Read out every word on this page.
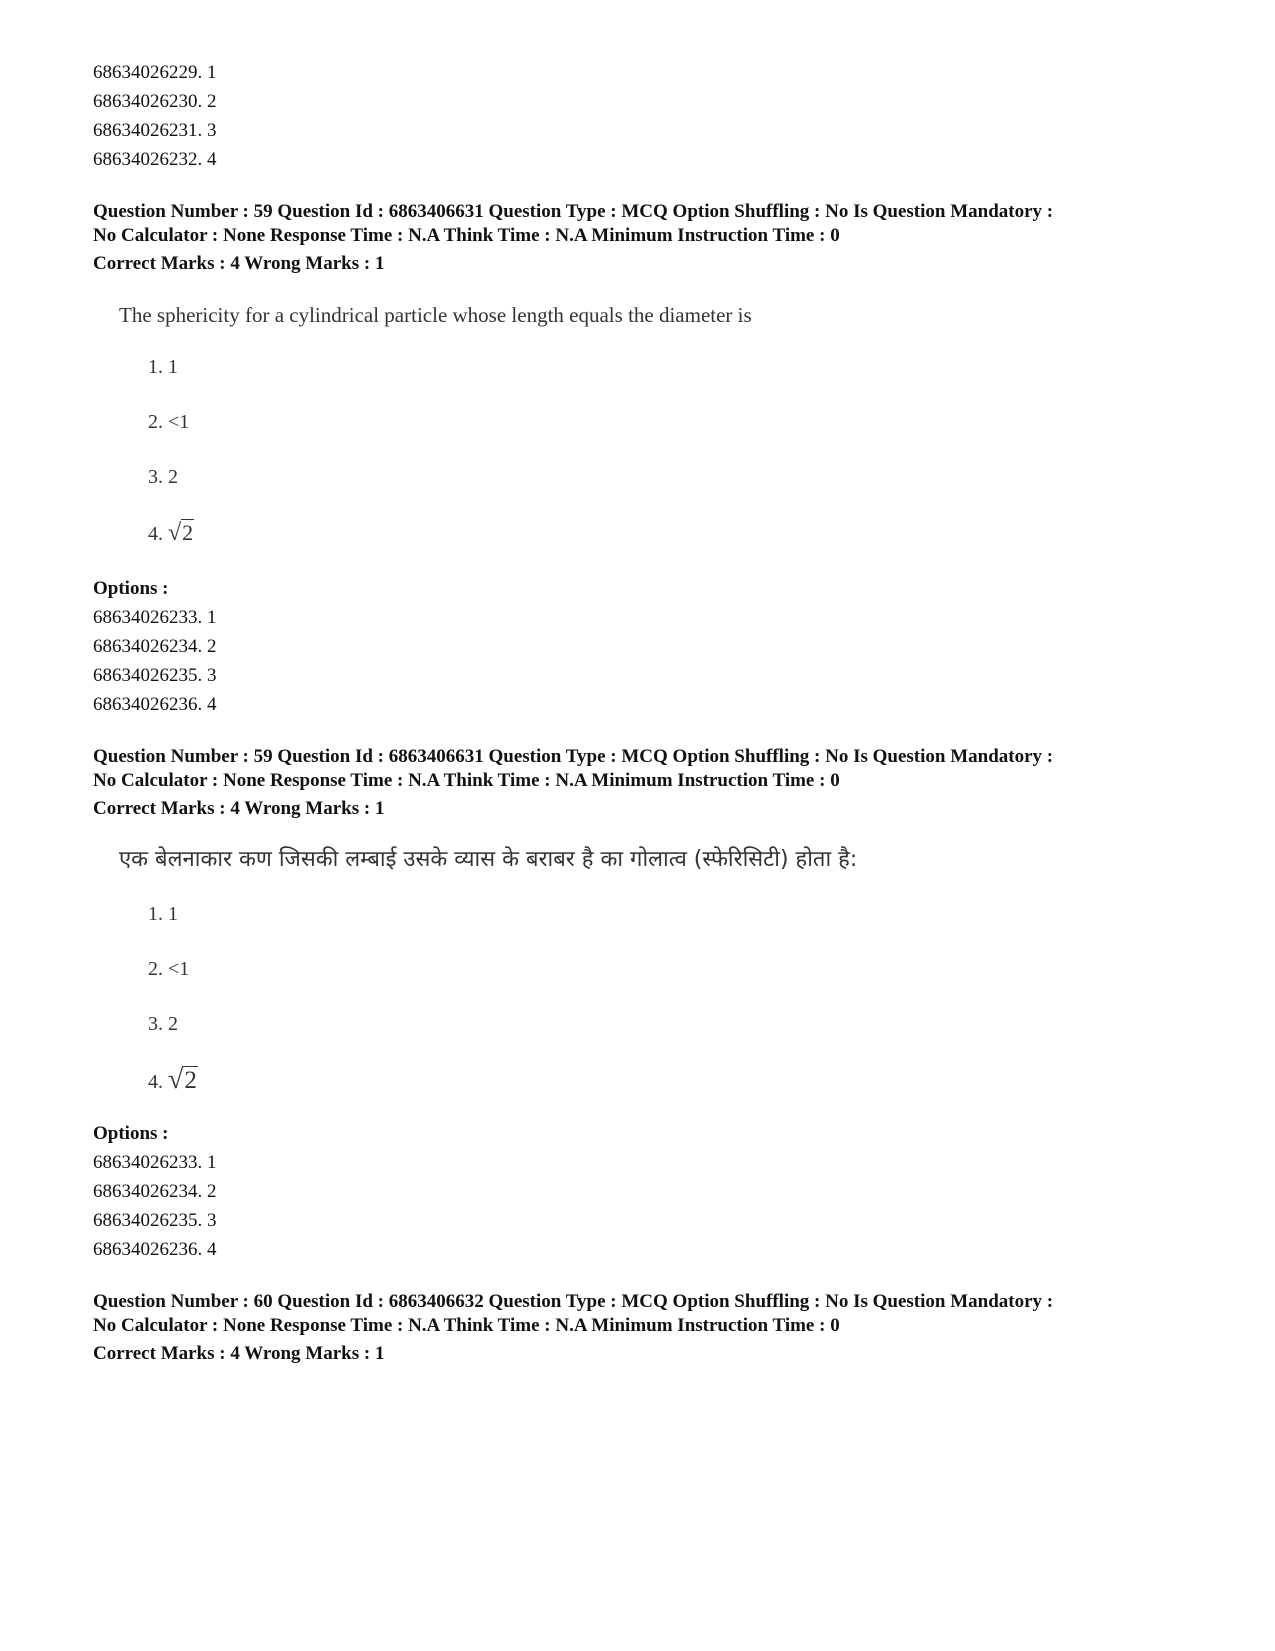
68634026229. 1
68634026230. 2
68634026231. 3
68634026232. 4
Question Number : 59 Question Id : 6863406631 Question Type : MCQ Option Shuffling : No Is Question Mandatory :
No Calculator : None Response Time : N.A Think Time : N.A Minimum Instruction Time : 0
Correct Marks : 4 Wrong Marks : 1
The sphericity for a cylindrical particle whose length equals the diameter is
1. 1
2. <1
3. 2
4. √2
Options :
68634026233. 1
68634026234. 2
68634026235. 3
68634026236. 4
Question Number : 59 Question Id : 6863406631 Question Type : MCQ Option Shuffling : No Is Question Mandatory :
No Calculator : None Response Time : N.A Think Time : N.A Minimum Instruction Time : 0
Correct Marks : 4 Wrong Marks : 1
एक बेलनाकार कण जिसकी लम्बाई उसके व्यास के बराबर है का गोलात्व (स्फेरिसिटी) होता है:
1. 1
2. <1
3. 2
4. √2
Options :
68634026233. 1
68634026234. 2
68634026235. 3
68634026236. 4
Question Number : 60 Question Id : 6863406632 Question Type : MCQ Option Shuffling : No Is Question Mandatory :
No Calculator : None Response Time : N.A Think Time : N.A Minimum Instruction Time : 0
Correct Marks : 4 Wrong Marks : 1
